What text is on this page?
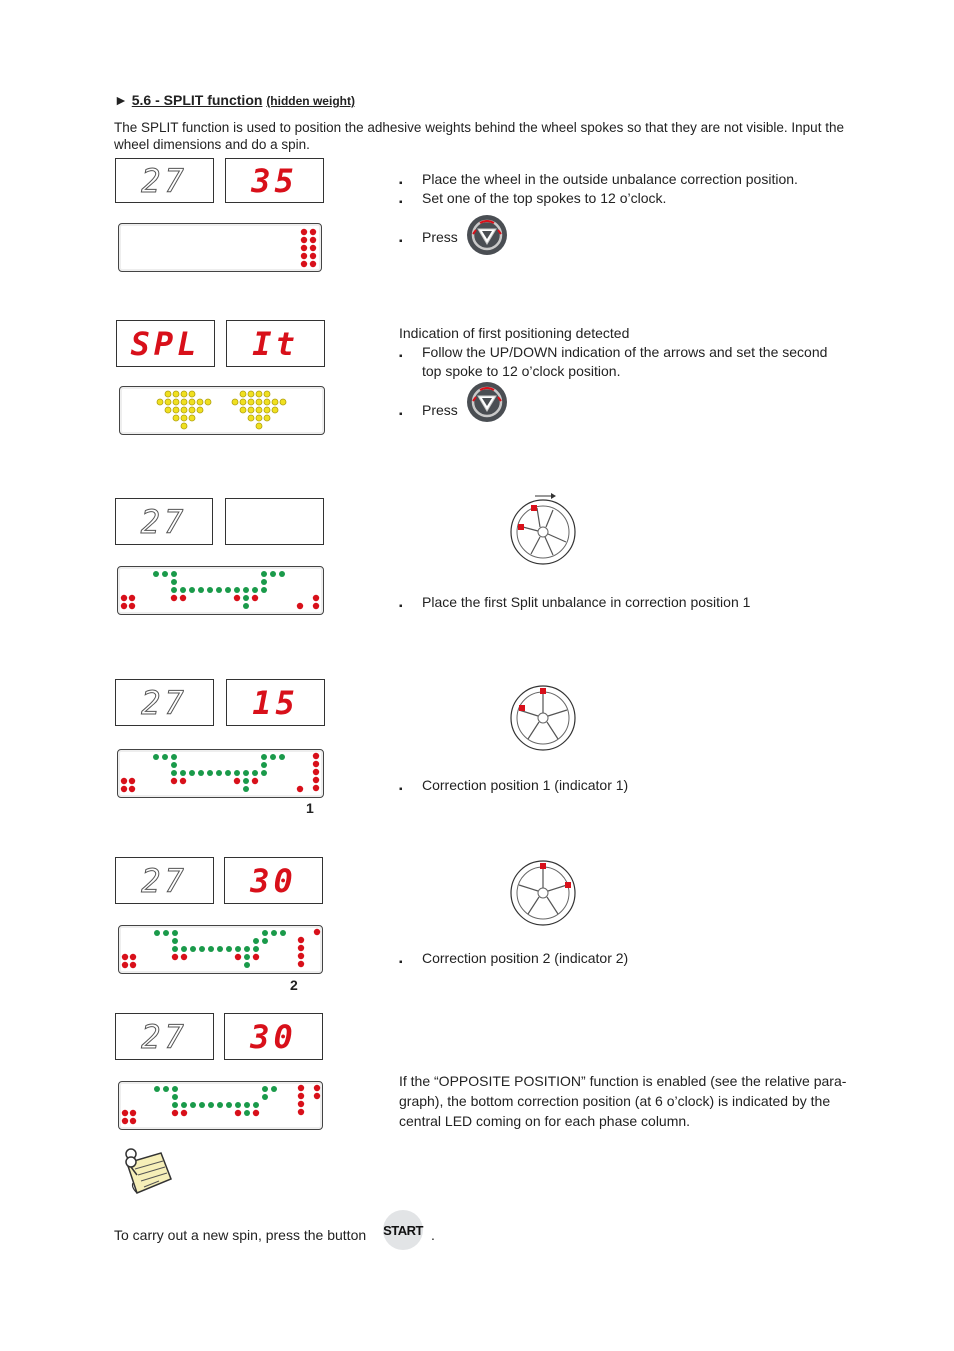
► 5.6 - SPLIT function (hidden weight)
The SPLIT function is used to position the adhesive weights behind the wheel spokes so that they are not visible. Input the wheel dimensions and do a spin.
27	35	▪ Place the wheel in the outside unbalance correction position.
▪ Set one of the top spokes to 12 o’clock.
▪ Press
SPL	It	Indication of first positioning detected
▪ Follow the UP/DOWN indication of the arrows and set the second
top spoke to 12 o’clock position.
▪ Press
27
▪ Place the first Split unbalance in correction position 1
27	15
1
▪ Correction position 1 (indicator 1)
27	30
2
▪ Correction position 2 (indicator 2)
27	30
If the “OPPOSITE POSITION” function is enabled (see the relative para-
graph), the bottom correction position (at 6 o’clock) is indicated by the
central LED coming on for each phase column.
To carry out a new spin, press the button START .
